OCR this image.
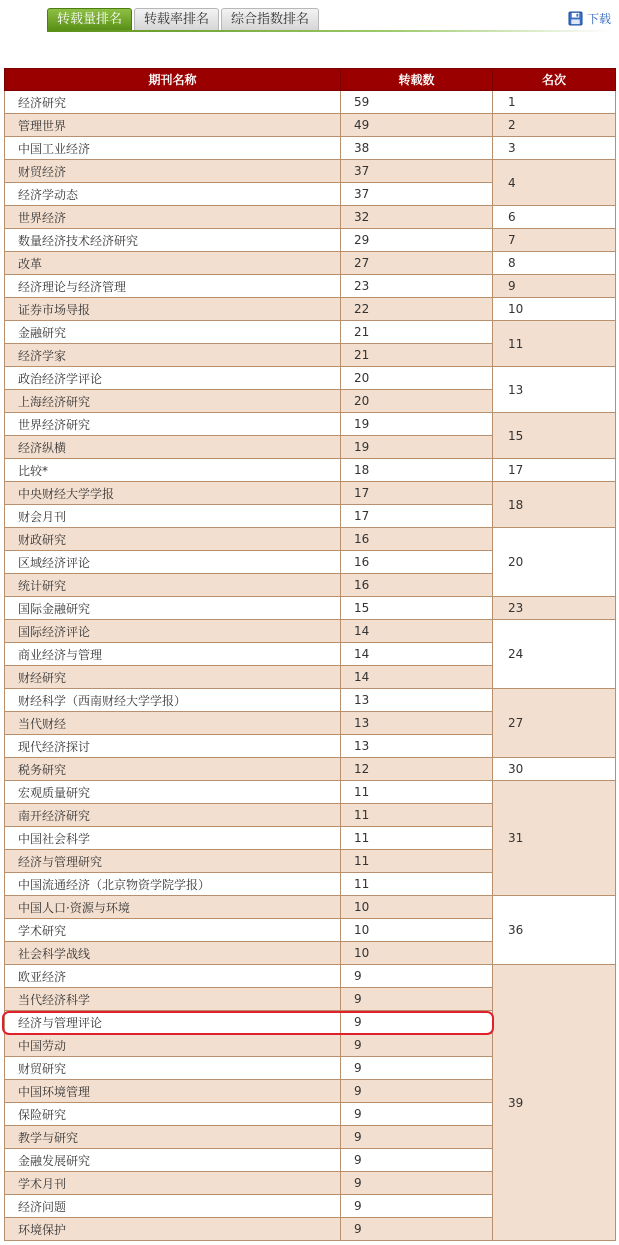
转载量排名	转载率排名	综合指数排名	下载
期刊名称	转载数	名次
经济研究	59	1
管理世界	49	2
中国工业经济	38	3
财贸经济	37	4
经济学动态	37	
世界经济	32	6
数量经济技术经济研究	29	7
改革	27	8
经济理论与经济管理	23	9
证券市场导报	22	10
金融研究	21	11
经济学家	21	
政治经济学评论	20	13
上海经济研究	20	
世界经济研究	19	15
经济纵横	19	
比较*	18	17
中央财经大学学报	17	18
财会月刊	17	
财政研究	16	20
区域经济评论	16	
统计研究	16	
国际金融研究	15	23
国际经济评论	14	24
商业经济与管理	14	
财经研究	14	
财经科学（西南财经大学学报）	13	27
当代财经	13	
现代经济探讨	13	
税务研究	12	30
宏观质量研究	11	31
南开经济研究	11	
中国社会科学	11	
经济与管理研究	11	
中国流通经济（北京物资学院学报）	11	
中国人口·资源与环境	10	36
学术研究	10	
社会科学战线	10	
欧亚经济	9	39
当代经济科学	9	
经济与管理评论	9	
中国劳动	9	
财贸研究	9	
中国环境管理	9	
保险研究	9	
教学与研究	9	
金融发展研究	9	
学术月刊	9	
经济问题	9	
环境保护	9	
